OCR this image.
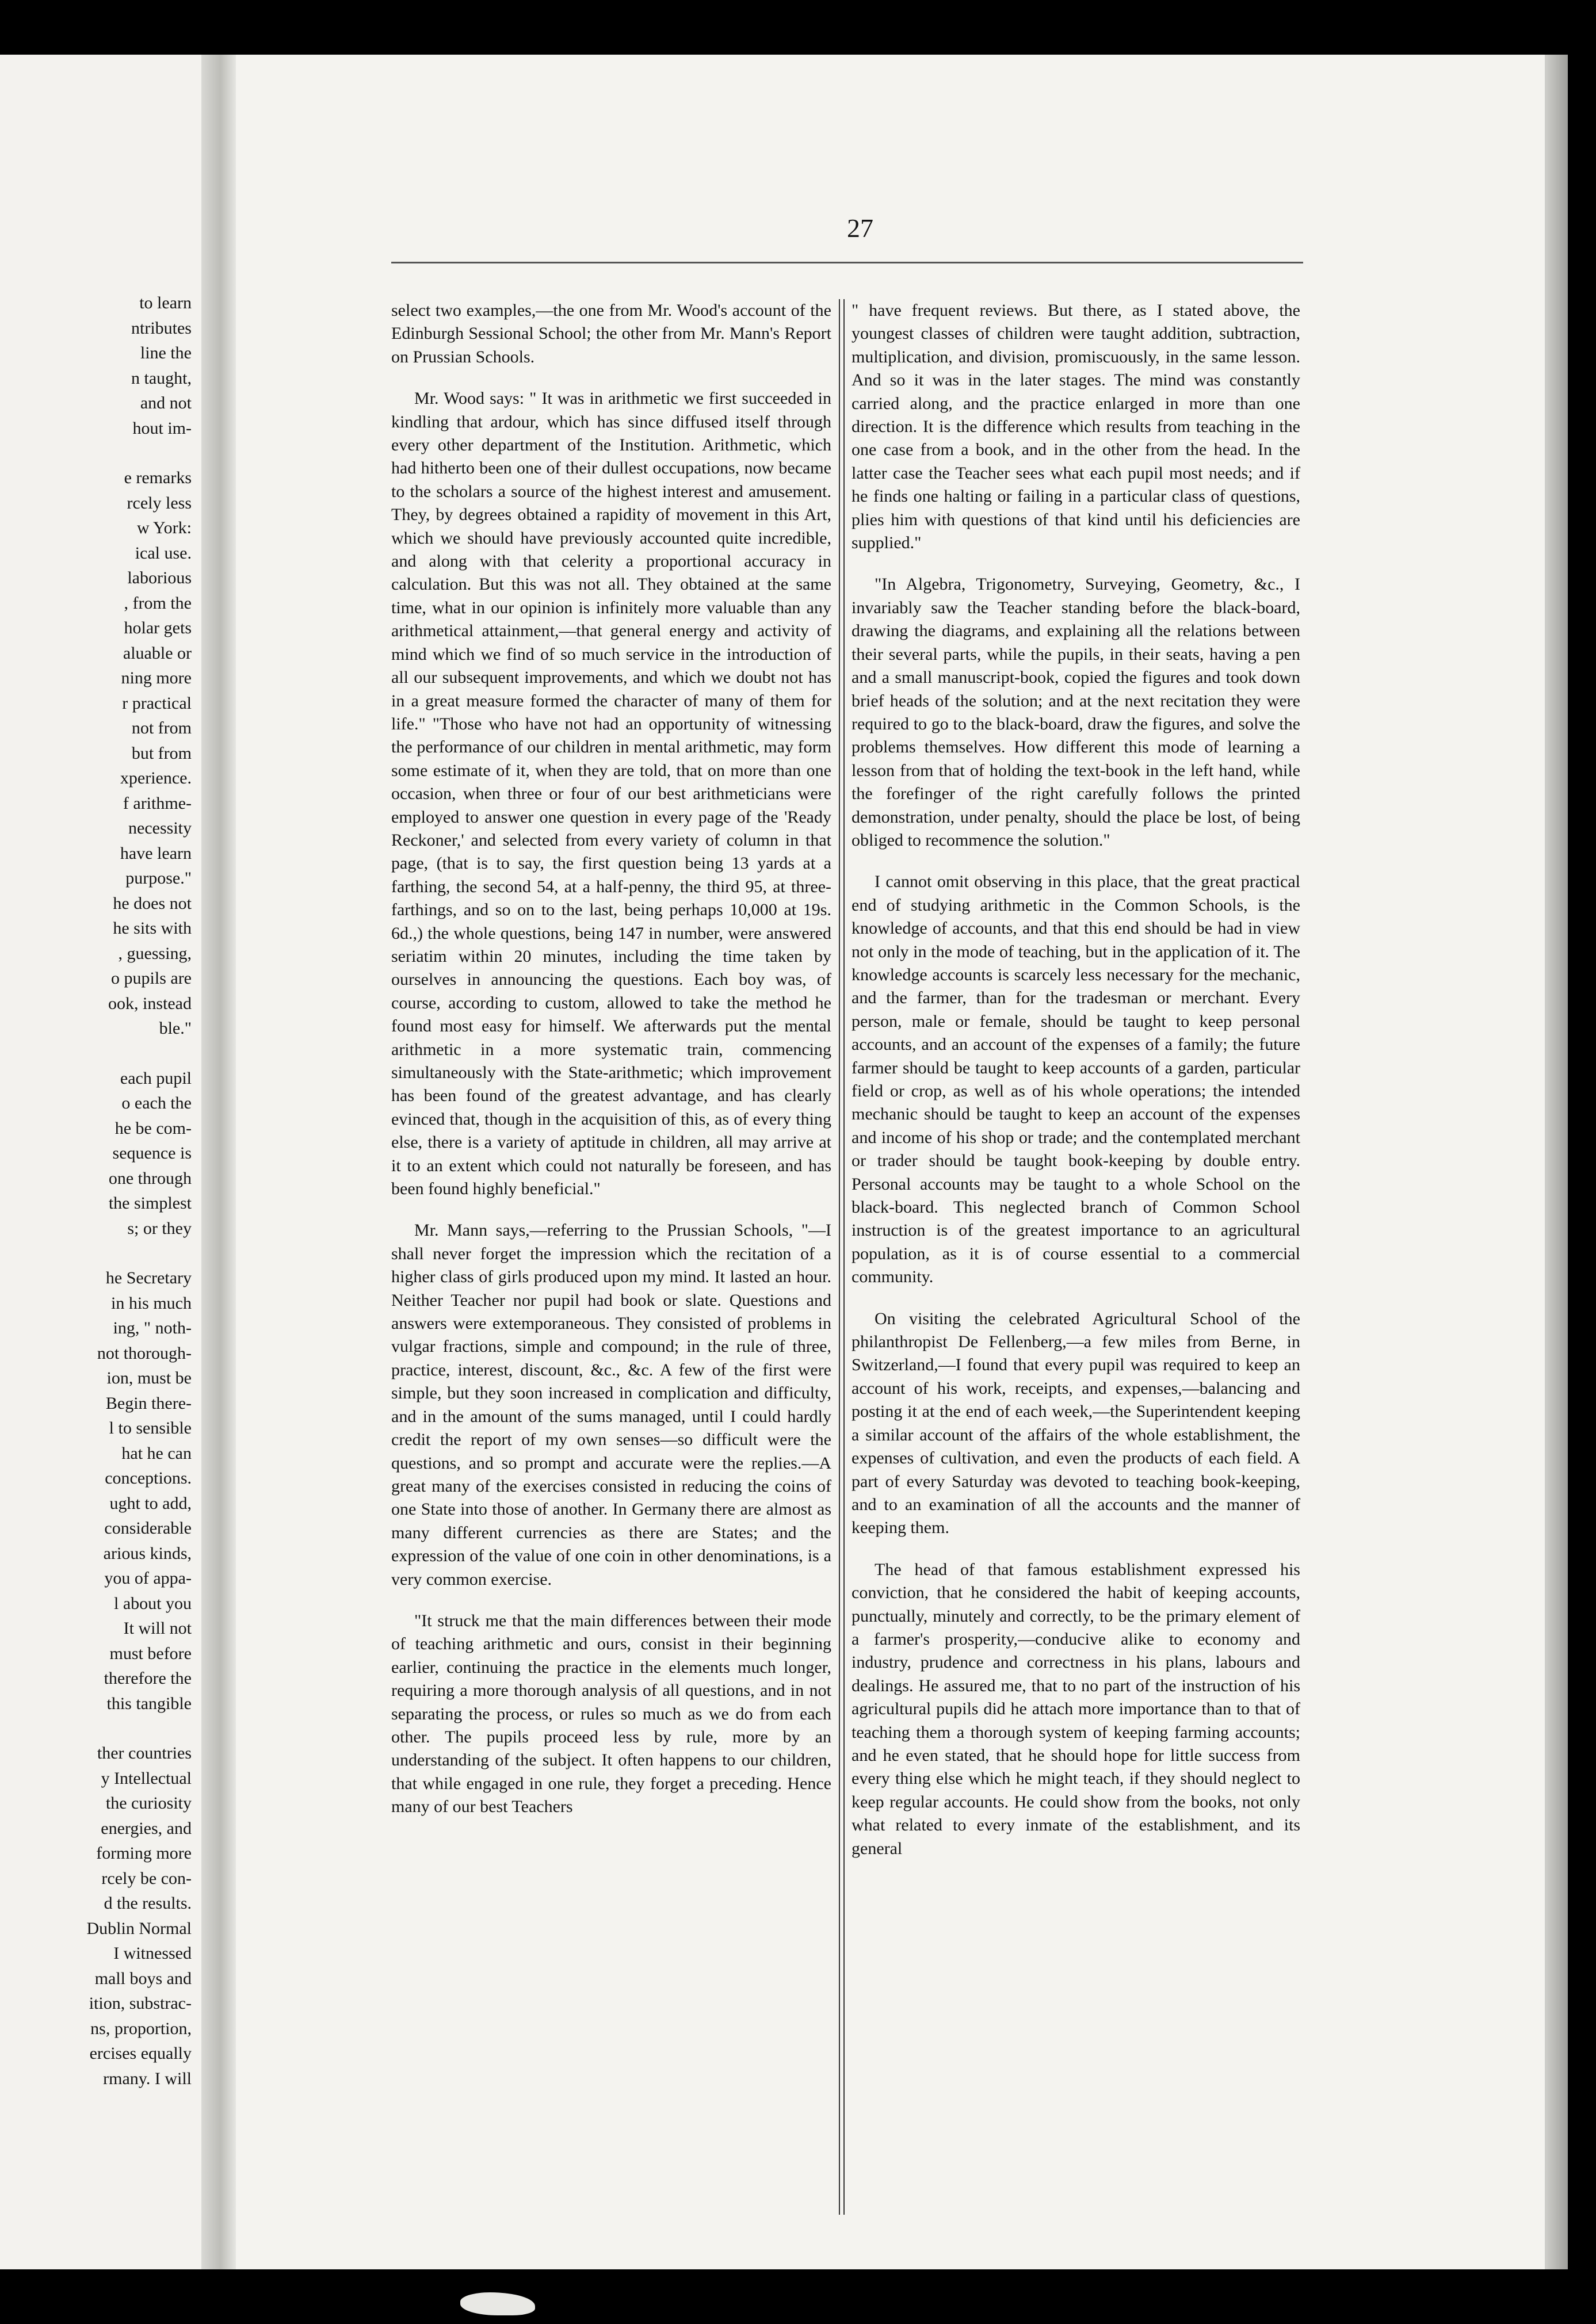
to learn
ntributes
line the
n taught,
and not
hout im-

e remarks
rcely less
w York:
ical use.
laborious
, from the
holar gets
aluable or
ning more
r practical
not from
but from
xperience.
f arithme-
necessity
have learn
purpose."
he does not
he sits with
, guessing,
o pupils are
ook, instead
ble."

each pupil
o each the
he be com-
sequence is
one through
the simplest
s; or they

he Secretary
in his much
ing, " noth-
not thorough-
ion, must be
Begin there-
l to sensible
hat he can
conceptions.
ught to add,
considerable
arious kinds,
you of appa-
l about you
It will not
must before
therefore the
this tangible

ther countries
y Intellectual
the curiosity
energies, and
forming more
rcely be con-
d the results.
Dublin Normal
I witnessed
mall boys and
ition, substrac-
ns, proportion,
ercises equally
rmany. I will

27

select two examples,—the one from Mr. Wood's account of the Edinburgh Sessional School; the other from Mr. Mann's Report on Prussian Schools.

Mr. Wood says: " It was in arithmetic we first succeeded in kindling that ardour, which has since diffused itself through every other department of the Institution. Arithmetic, which had hitherto been one of their dullest occupations, now became to the scholars a source of the highest interest and amusement. They, by degrees obtained a rapidity of movement in this Art, which we should have previously accounted quite incredible, and along with that celerity a proportional accuracy in calculation. But this was not all. They obtained at the same time, what in our opinion is infinitely more valuable than any arithmetical attainment,—that general energy and activity of mind which we find of so much service in the introduction of all our subsequent improvements, and which we doubt not has in a great measure formed the character of many of them for life." "Those who have not had an opportunity of witnessing the performance of our children in mental arithmetic, may form some estimate of it, when they are told, that on more than one occasion, when three or four of our best arithmeticians were employed to answer one question in every page of the 'Ready Reckoner,' and selected from every variety of column in that page, (that is to say, the first question being 13 yards at a farthing, the second 54, at a half-penny, the third 95, at three-farthings, and so on to the last, being perhaps 10,000 at 19s. 6d.,) the whole questions, being 147 in number, were answered seriatim within 20 minutes, including the time taken by ourselves in announcing the questions. Each boy was, of course, according to custom, allowed to take the method he found most easy for himself. We afterwards put the mental arithmetic in a more systematic train, commencing simultaneously with the State-arithmetic; which improvement has been found of the greatest advantage, and has clearly evinced that, though in the acquisition of this, as of every thing else, there is a variety of aptitude in children, all may arrive at it to an extent which could not naturally be foreseen, and has been found highly beneficial."

Mr. Mann says,—referring to the Prussian Schools, "—I shall never forget the impression which the recitation of a higher class of girls produced upon my mind. It lasted an hour. Neither Teacher nor pupil had book or slate. Questions and answers were extemporaneous. They consisted of problems in vulgar fractions, simple and compound; in the rule of three, practice, interest, discount, &c., &c. A few of the first were simple, but they soon increased in complication and difficulty, and in the amount of the sums managed, until I could hardly credit the report of my own senses—so difficult were the questions, and so prompt and accurate were the replies.—A great many of the exercises consisted in reducing the coins of one State into those of another. In Germany there are almost as many different currencies as there are States; and the expression of the value of one coin in other denominations, is a very common exercise.

"It struck me that the main differences between their mode of teaching arithmetic and ours, consist in their beginning earlier, continuing the practice in the elements much longer, requiring a more thorough analysis of all questions, and in not separating the process, or rules so much as we do from each other. The pupils proceed less by rule, more by an understanding of the subject. It often happens to our children, that while engaged in one rule, they forget a preceding. Hence many of our best Teachers

" have frequent reviews. But there, as I stated above, the youngest classes of children were taught addition, subtraction, multiplication, and division, promiscuously, in the same lesson. And so it was in the later stages. The mind was constantly carried along, and the practice enlarged in more than one direction. It is the difference which results from teaching in the one case from a book, and in the other from the head. In the latter case the Teacher sees what each pupil most needs; and if he finds one halting or failing in a particular class of questions, plies him with questions of that kind until his deficiencies are supplied."

"In Algebra, Trigonometry, Surveying, Geometry, &c., I invariably saw the Teacher standing before the black-board, drawing the diagrams, and explaining all the relations between their several parts, while the pupils, in their seats, having a pen and a small manuscript-book, copied the figures and took down brief heads of the solution; and at the next recitation they were required to go to the black-board, draw the figures, and solve the problems themselves. How different this mode of learning a lesson from that of holding the text-book in the left hand, while the forefinger of the right carefully follows the printed demonstration, under penalty, should the place be lost, of being obliged to recommence the solution."

I cannot omit observing in this place, that the great practical end of studying arithmetic in the Common Schools, is the knowledge of accounts, and that this end should be had in view not only in the mode of teaching, but in the application of it. The knowledge accounts is scarcely less necessary for the mechanic, and the farmer, than for the tradesman or merchant. Every person, male or female, should be taught to keep personal accounts, and an account of the expenses of a family; the future farmer should be taught to keep accounts of a garden, particular field or crop, as well as of his whole operations; the intended mechanic should be taught to keep an account of the expenses and income of his shop or trade; and the contemplated merchant or trader should be taught book-keeping by double entry. Personal accounts may be taught to a whole School on the black-board. This neglected branch of Common School instruction is of the greatest importance to an agricultural population, as it is of course essential to a commercial community.

On visiting the celebrated Agricultural School of the philanthropist De Fellenberg,—a few miles from Berne, in Switzerland,—I found that every pupil was required to keep an account of his work, receipts, and expenses,—balancing and posting it at the end of each week,—the Superintendent keeping a similar account of the affairs of the whole establishment, the expenses of cultivation, and even the products of each field. A part of every Saturday was devoted to teaching book-keeping, and to an examination of all the accounts and the manner of keeping them.

The head of that famous establishment expressed his conviction, that he considered the habit of keeping accounts, punctually, minutely and correctly, to be the primary element of a farmer's prosperity,—conducive alike to economy and industry, prudence and correctness in his plans, labours and dealings. He assured me, that to no part of the instruction of his agricultural pupils did he attach more importance than to that of teaching them a thorough system of keeping farming accounts; and he even stated, that he should hope for little success from every thing else which he might teach, if they should neglect to keep regular accounts. He could show from the books, not only what related to every inmate of the establishment, and its general
